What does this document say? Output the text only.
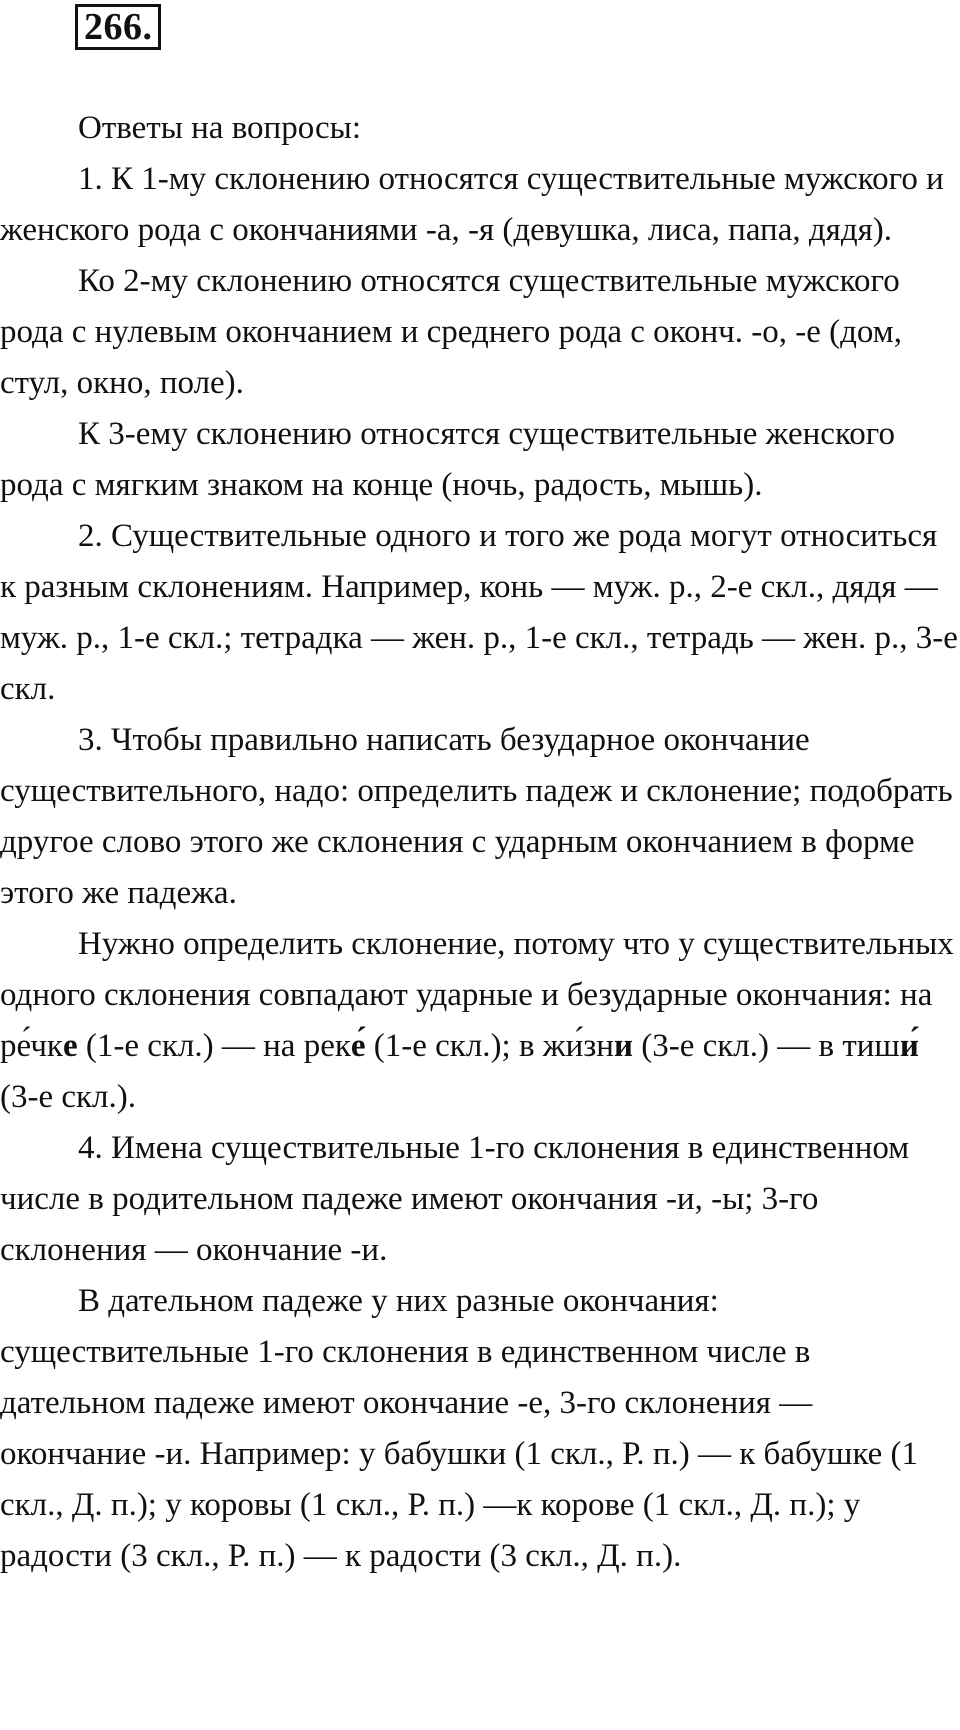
266.

Ответы на вопросы:

1. К 1-му склонению относятся существительные мужского и женского рода с окончаниями -а, -я (девушка, лиса, папа, дядя).

Ко 2-му склонению относятся существительные мужского рода с нулевым окончанием и среднего рода с оконч. -о, -е (дом, стул, окно, поле).

К 3-ему склонению относятся существительные женского рода с мягким знаком на конце (ночь, радость, мышь).

2. Существительные одного и того же рода могут относиться к разным склонениям. Например, конь — муж. р., 2-е скл., дядя — муж. р., 1-е скл.; тетрадка — жен. р., 1-е скл., тетрадь — жен. р., 3-е скл.

3. Чтобы правильно написать безударное окончание существительного, надо: определить падеж и склонение; подобрать другое слово этого же склонения с ударным окончанием в форме этого же падежа.

Нужно определить склонение, потому что у существительных одного склонения совпадают ударные и безударные окончания: на ре́чке (1-е скл.) — на реке́ (1-е скл.); в жи́зни (3-е скл.) — в тиши́ (3-е скл.).

4. Имена существительные 1-го склонения в единственном числе в родительном падеже имеют окончания -и, -ы; 3-го склонения — окончание -и.

В дательном падеже у них разные окончания: существительные 1-го склонения в единственном числе в дательном падеже имеют окончание -е, 3-го склонения — окончание -и. Например: у бабушки (1 скл., Р. п.) — к бабушке (1 скл., Д. п.); у коровы (1 скл., Р. п.) —к корове (1 скл., Д. п.); у радости (3 скл., Р. п.) — к радости (3 скл., Д. п.).
